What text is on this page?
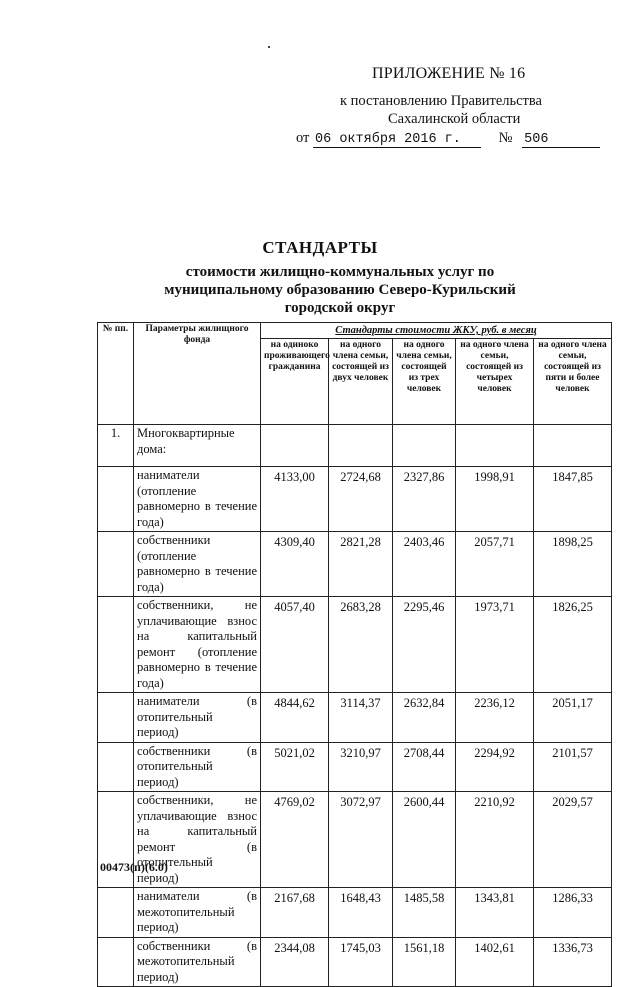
ПРИЛОЖЕНИЕ № 16
к постановлению Правительства
Сахалинской области
от 06 октября 2016 г.	№ 506
СТАНДАРТЫ
стоимости жилищно-коммунальных услуг по муниципальному образованию Северо-Курильский городской округ
№ пп.	Параметры жилищного фонда	Стандарты стоимости ЖКУ, руб. в месяц				
		на одиноко проживающего гражданина	на одного члена семьи, состоящей из двух человек	на одного члена семьи, состоящей из трех человек	на одного члена семьи, состоящей из четырех человек	на одного члена семьи, состоящей из пяти и более человек
1.	Многоквартирные дома:					
	наниматели (отопление равномерно в течение года)	4133,00	2724,68	2327,86	1998,91	1847,85
	собственники (отопление равномерно в течение года)	4309,40	2821,28	2403,46	2057,71	1898,25
	собственники, не уплачивающие взнос на капитальный ремонт (отопление равномерно в течение года)	4057,40	2683,28	2295,46	1973,71	1826,25
	наниматели (в отопительный период)	4844,62	3114,37	2632,84	2236,12	2051,17
	собственники (в отопительный период)	5021,02	3210,97	2708,44	2294,92	2101,57
	собственники, не уплачивающие взнос на капитальный ремонт (в отопительный период)	4769,02	3072,97	2600,44	2210,92	2029,57
	наниматели (в межотопительный период)	2167,68	1648,43	1485,58	1343,81	1286,33
	собственники (в межотопительный период)	2344,08	1745,03	1561,18	1402,61	1336,73
00473(п)(6.0)
